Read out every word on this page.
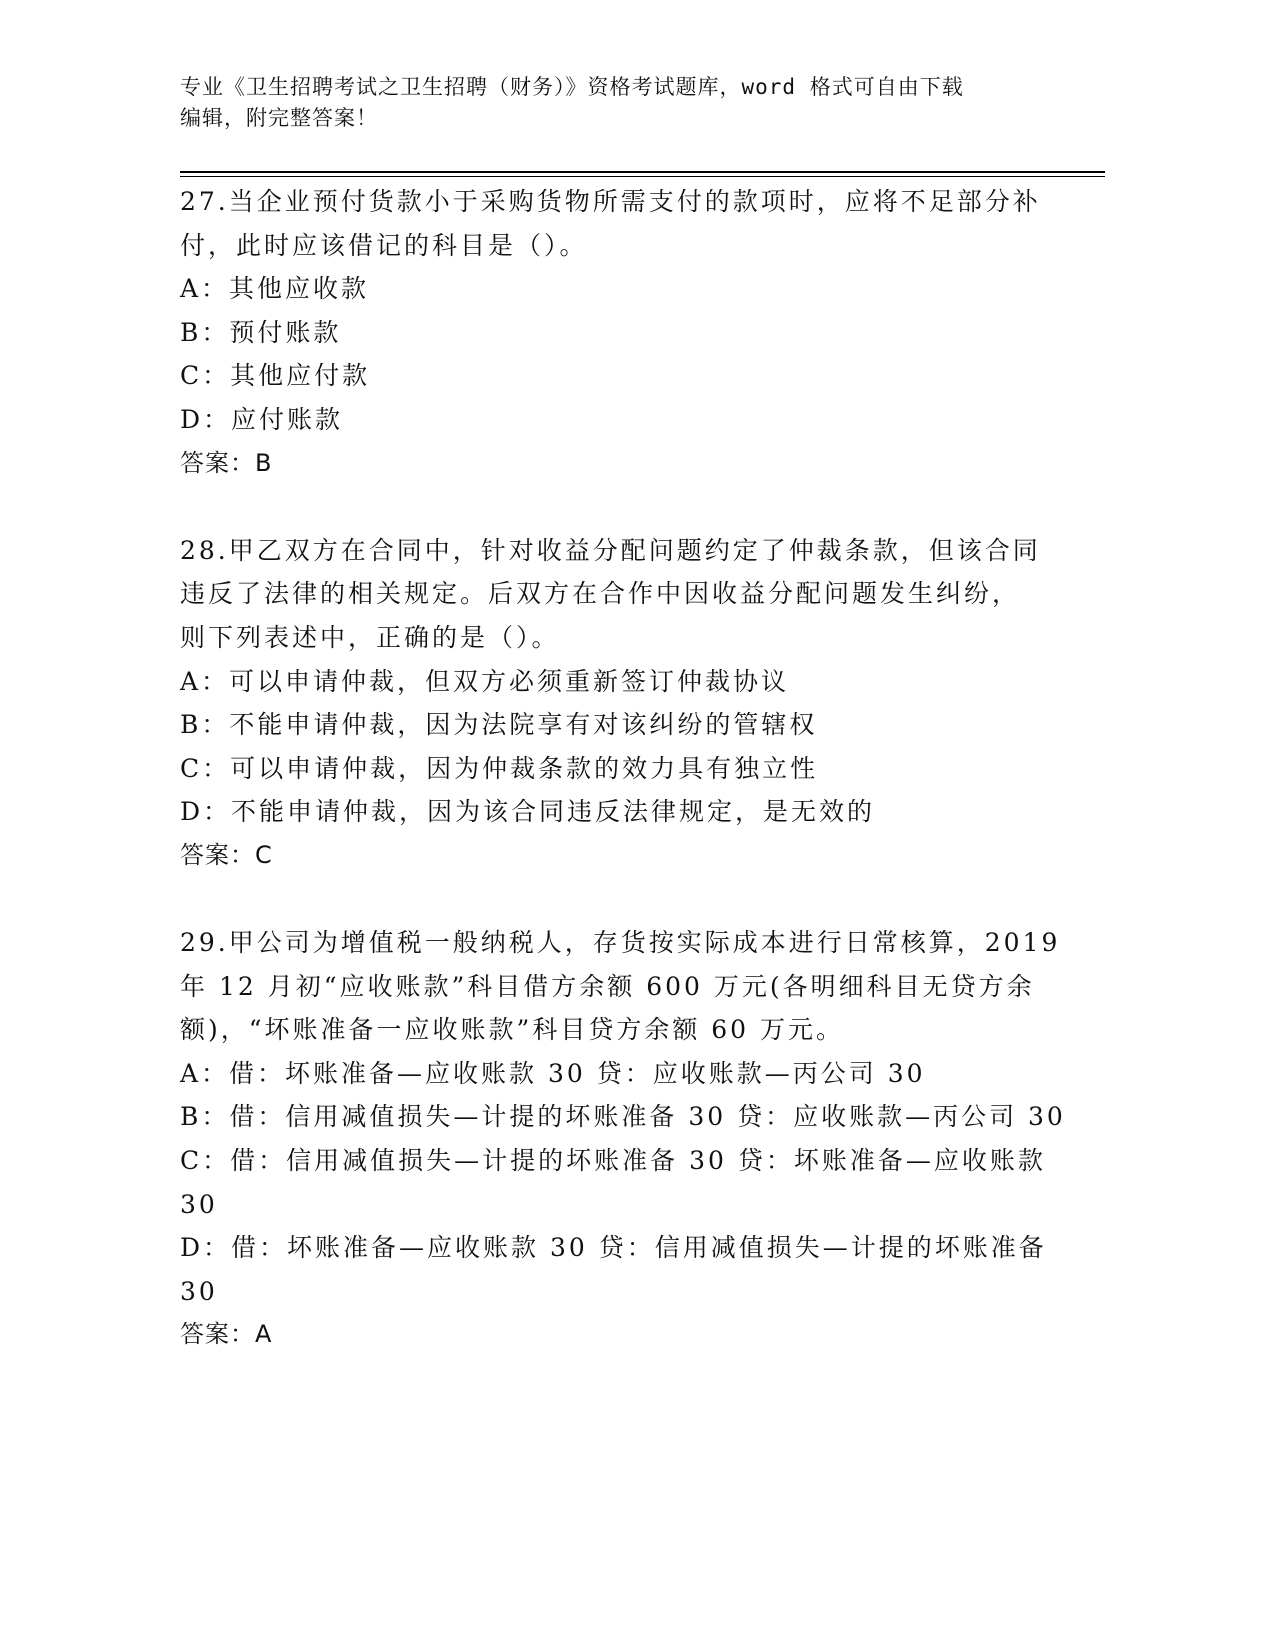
专业《卫生招聘考试之卫生招聘（财务）》资格考试题库，word 格式可自由下载
编辑，附完整答案！
27.当企业预付货款小于采购货物所需支付的款项时，应将不足部分补
付，此时应该借记的科目是（）。
A：其他应收款
B：预付账款
C：其他应付款
D：应付账款
答案：B
28.甲乙双方在合同中，针对收益分配问题约定了仲裁条款，但该合同
违反了法律的相关规定。后双方在合作中因收益分配问题发生纠纷，
则下列表述中，正确的是（）。
A：可以申请仲裁，但双方必须重新签订仲裁协议
B：不能申请仲裁，因为法院享有对该纠纷的管辖权
C：可以申请仲裁，因为仲裁条款的效力具有独立性
D：不能申请仲裁，因为该合同违反法律规定，是无效的
答案：C
29.甲公司为增值税一般纳税人，存货按实际成本进行日常核算，2019
年 12 月初“应收账款”科目借方余额 600 万元(各明细科目无贷方余
额)，“坏账准备一应收账款”科目贷方余额 60 万元。
A：借：坏账准备—应收账款 30 贷：应收账款—丙公司 30
B：借：信用减值损失—计提的坏账准备 30 贷：应收账款—丙公司 30
C：借：信用减值损失—计提的坏账准备 30 贷：坏账准备—应收账款
30
D：借：坏账准备—应收账款 30 贷：信用减值损失—计提的坏账准备
30
答案：A
